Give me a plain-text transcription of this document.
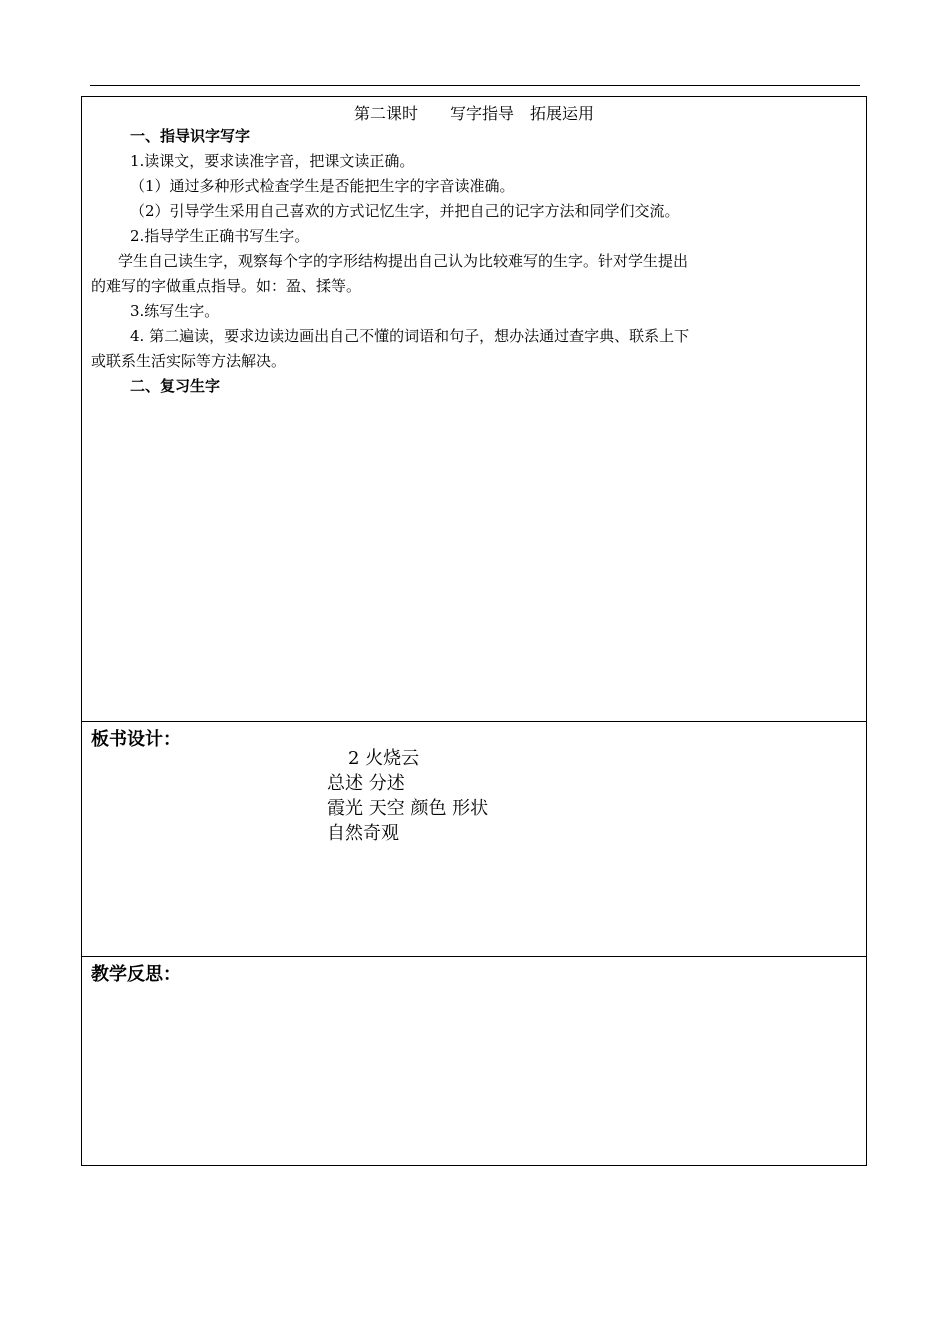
第二课时　　写字指导　拓展运用
一、指导识字写字
1.读课文，要求读准字音，把课文读正确。
（1）通过多种形式检查学生是否能把生字的字音读准确。
（2）引导学生采用自己喜欢的方式记忆生字，并把自己的记字方法和同学们交流。
2.指导学生正确书写生字。
学生自己读生字，观察每个字的字形结构提出自己认为比较难写的生字。针对学生提出
的难写的字做重点指导。如：盈、揉等。
3.练写生字。
4. 第二遍读，要求边读边画出自己不懂的词语和句子，想办法通过查字典、联系上下
或联系生活实际等方法解决。
二、复习生字
板书设计：
2 火烧云
总述 分述
霞光 天空 颜色 形状
自然奇观
教学反思：
